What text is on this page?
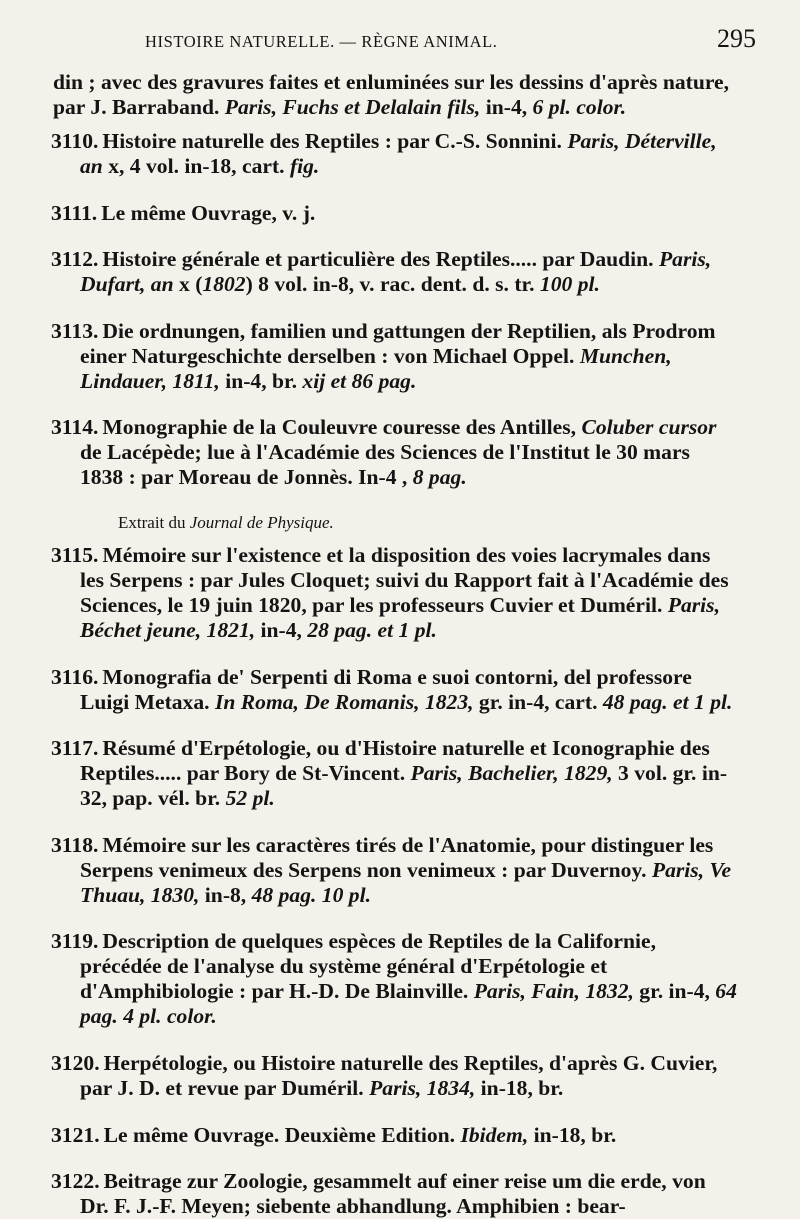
HISTOIRE NATURELLE. — RÈGNE ANIMAL.	295

din ; avec des gravures faites et enluminées sur les dessins d'après nature, par J. Barraband. Paris, Fuchs et Delalain fils, in-4, 6 pl. color.

3110. Histoire naturelle des Reptiles : par C.-S. Sonnini. Paris, Déterville, an x, 4 vol. in-18, cart. fig.

3111. Le même Ouvrage, v. j.

3112. Histoire générale et particulière des Reptiles..... par Daudin. Paris, Dufart, an x (1802) 8 vol. in-8, v. rac. dent. d. s. tr. 100 pl.

3113. Die ordnungen, familien und gattungen der Reptilien, als Prodrom einer Naturgeschichte derselben : von Michael Oppel. Munchen, Lindauer, 1811, in-4, br. xij et 86 pag.

3114. Monographie de la Couleuvre couresse des Antilles, Coluber cursor de Lacépède; lue à l'Académie des Sciences de l'Institut le 30 mars 1838 : par Moreau de Jonnès. In-4 , 8 pag.

Extrait du Journal de Physique.

3115. Mémoire sur l'existence et la disposition des voies lacrymales dans les Serpens : par Jules Cloquet; suivi du Rapport fait à l'Académie des Sciences, le 19 juin 1820, par les professeurs Cuvier et Duméril. Paris, Béchet jeune, 1821, in-4, 28 pag. et 1 pl.

3116. Monografia de' Serpenti di Roma e suoi contorni, del professore Luigi Metaxa. In Roma, De Romanis, 1823, gr. in-4, cart. 48 pag. et 1 pl.

3117. Résumé d'Erpétologie, ou d'Histoire naturelle et Iconographie des Reptiles..... par Bory de St-Vincent. Paris, Bachelier, 1829, 3 vol. gr. in-32, pap. vél. br. 52 pl.

3118. Mémoire sur les caractères tirés de l'Anatomie, pour distinguer les Serpens venimeux des Serpens non venimeux : par Duvernoy. Paris, Ve Thuau, 1830, in-8, 48 pag. 10 pl.

3119. Description de quelques espèces de Reptiles de la Californie, précédée de l'analyse du système général d'Erpétologie et d'Amphibiologie : par H.-D. De Blainville. Paris, Fain, 1832, gr. in-4, 64 pag. 4 pl. color.

3120. Herpétologie, ou Histoire naturelle des Reptiles, d'après G. Cuvier, par J. D. et revue par Duméril. Paris, 1834, in-18, br.

3121. Le même Ouvrage. Deuxième Edition. Ibidem, in-18, br.

3122. Beitrage zur Zoologie, gesammelt auf einer reise um die erde, von Dr. F. J.-F. Meyen; siebente abhandlung. Amphibien : bear-
